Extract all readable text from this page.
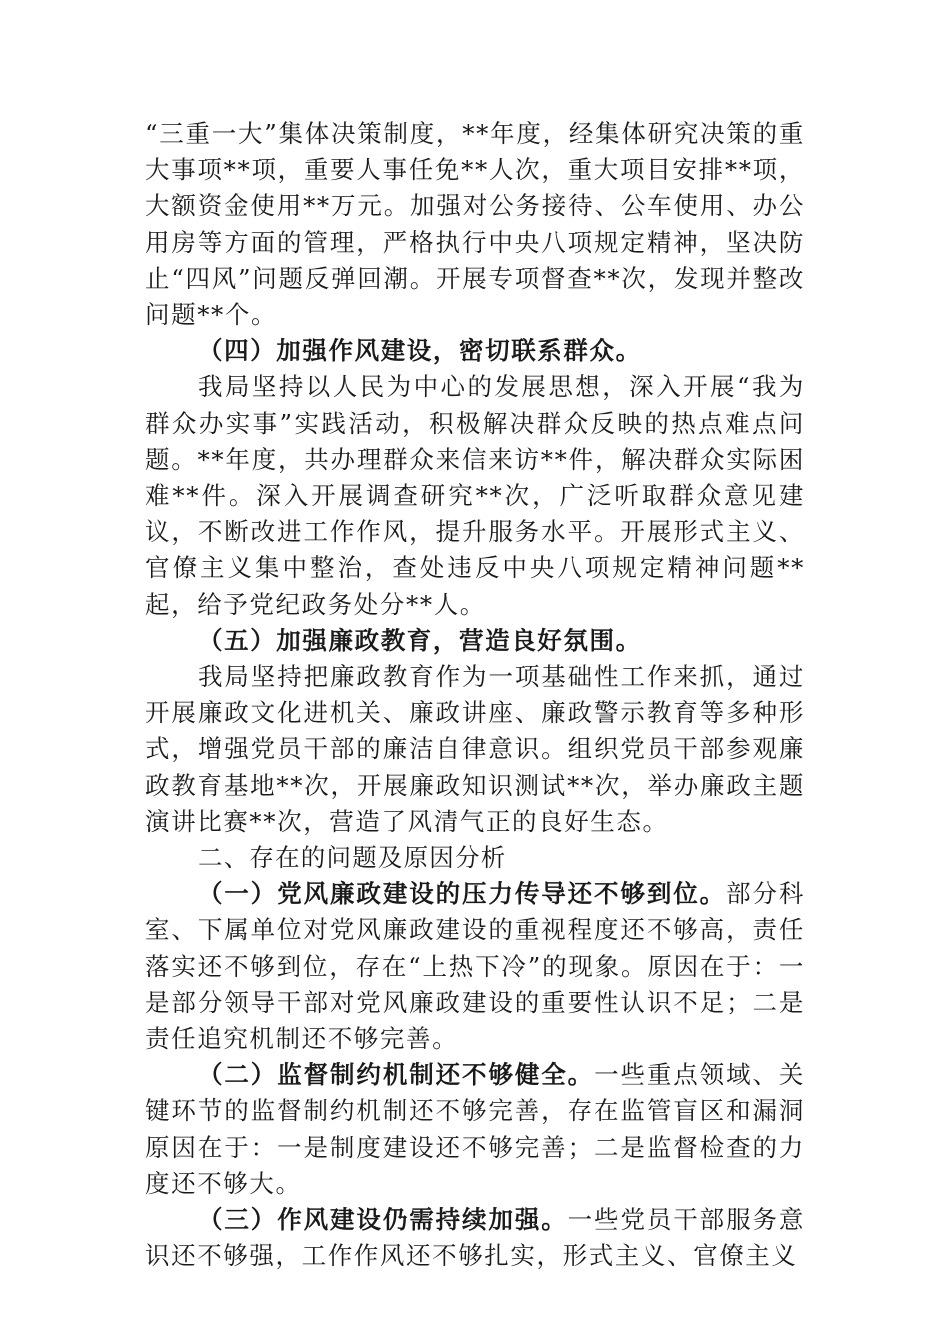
“三重一大”集体决策制度，**年度，经集体研究决策的重大事项**项，重要人事任免**人次，重大项目安排**项，大额资金使用**万元。加强对公务接待、公车使用、办公用房等方面的管理，严格执行中央八项规定精神，坚决防止“四风”问题反弹回潮。开展专项督查**次，发现并整改问题**个。

（四）加强作风建设，密切联系群众。

我局坚持以人民为中心的发展思想，深入开展“我为群众办实事”实践活动，积极解决群众反映的热点难点问题。**年度，共办理群众来信来访**件，解决群众实际困难**件。深入开展调查研究**次，广泛听取群众意见建议，不断改进工作作风，提升服务水平。开展形式主义、官僚主义集中整治，查处违反中央八项规定精神问题**起，给予党纪政务处分**人。

（五）加强廉政教育，营造良好氛围。

我局坚持把廉政教育作为一项基础性工作来抓，通过开展廉政文化进机关、廉政讲座、廉政警示教育等多种形式，增强党员干部的廉洁自律意识。组织党员干部参观廉政教育基地**次，开展廉政知识测试**次，举办廉政主题演讲比赛**次，营造了风清气正的良好生态。

二、存在的问题及原因分析

（一）党风廉政建设的压力传导还不够到位。部分科室、下属单位对党风廉政建设的重视程度还不够高，责任落实还不够到位，存在“上热下冷”的现象。原因在于：一是部分领导干部对党风廉政建设的重要性认识不足；二是责任追究机制还不够完善。

（二）监督制约机制还不够健全。一些重点领域、关键环节的监督制约机制还不够完善，存在监管盲区和漏洞原因在于：一是制度建设还不够完善；二是监督检查的力度还不够大。

（三）作风建设仍需持续加强。一些党员干部服务意识还不够强，工作作风还不够扎实，形式主义、官僚主义
